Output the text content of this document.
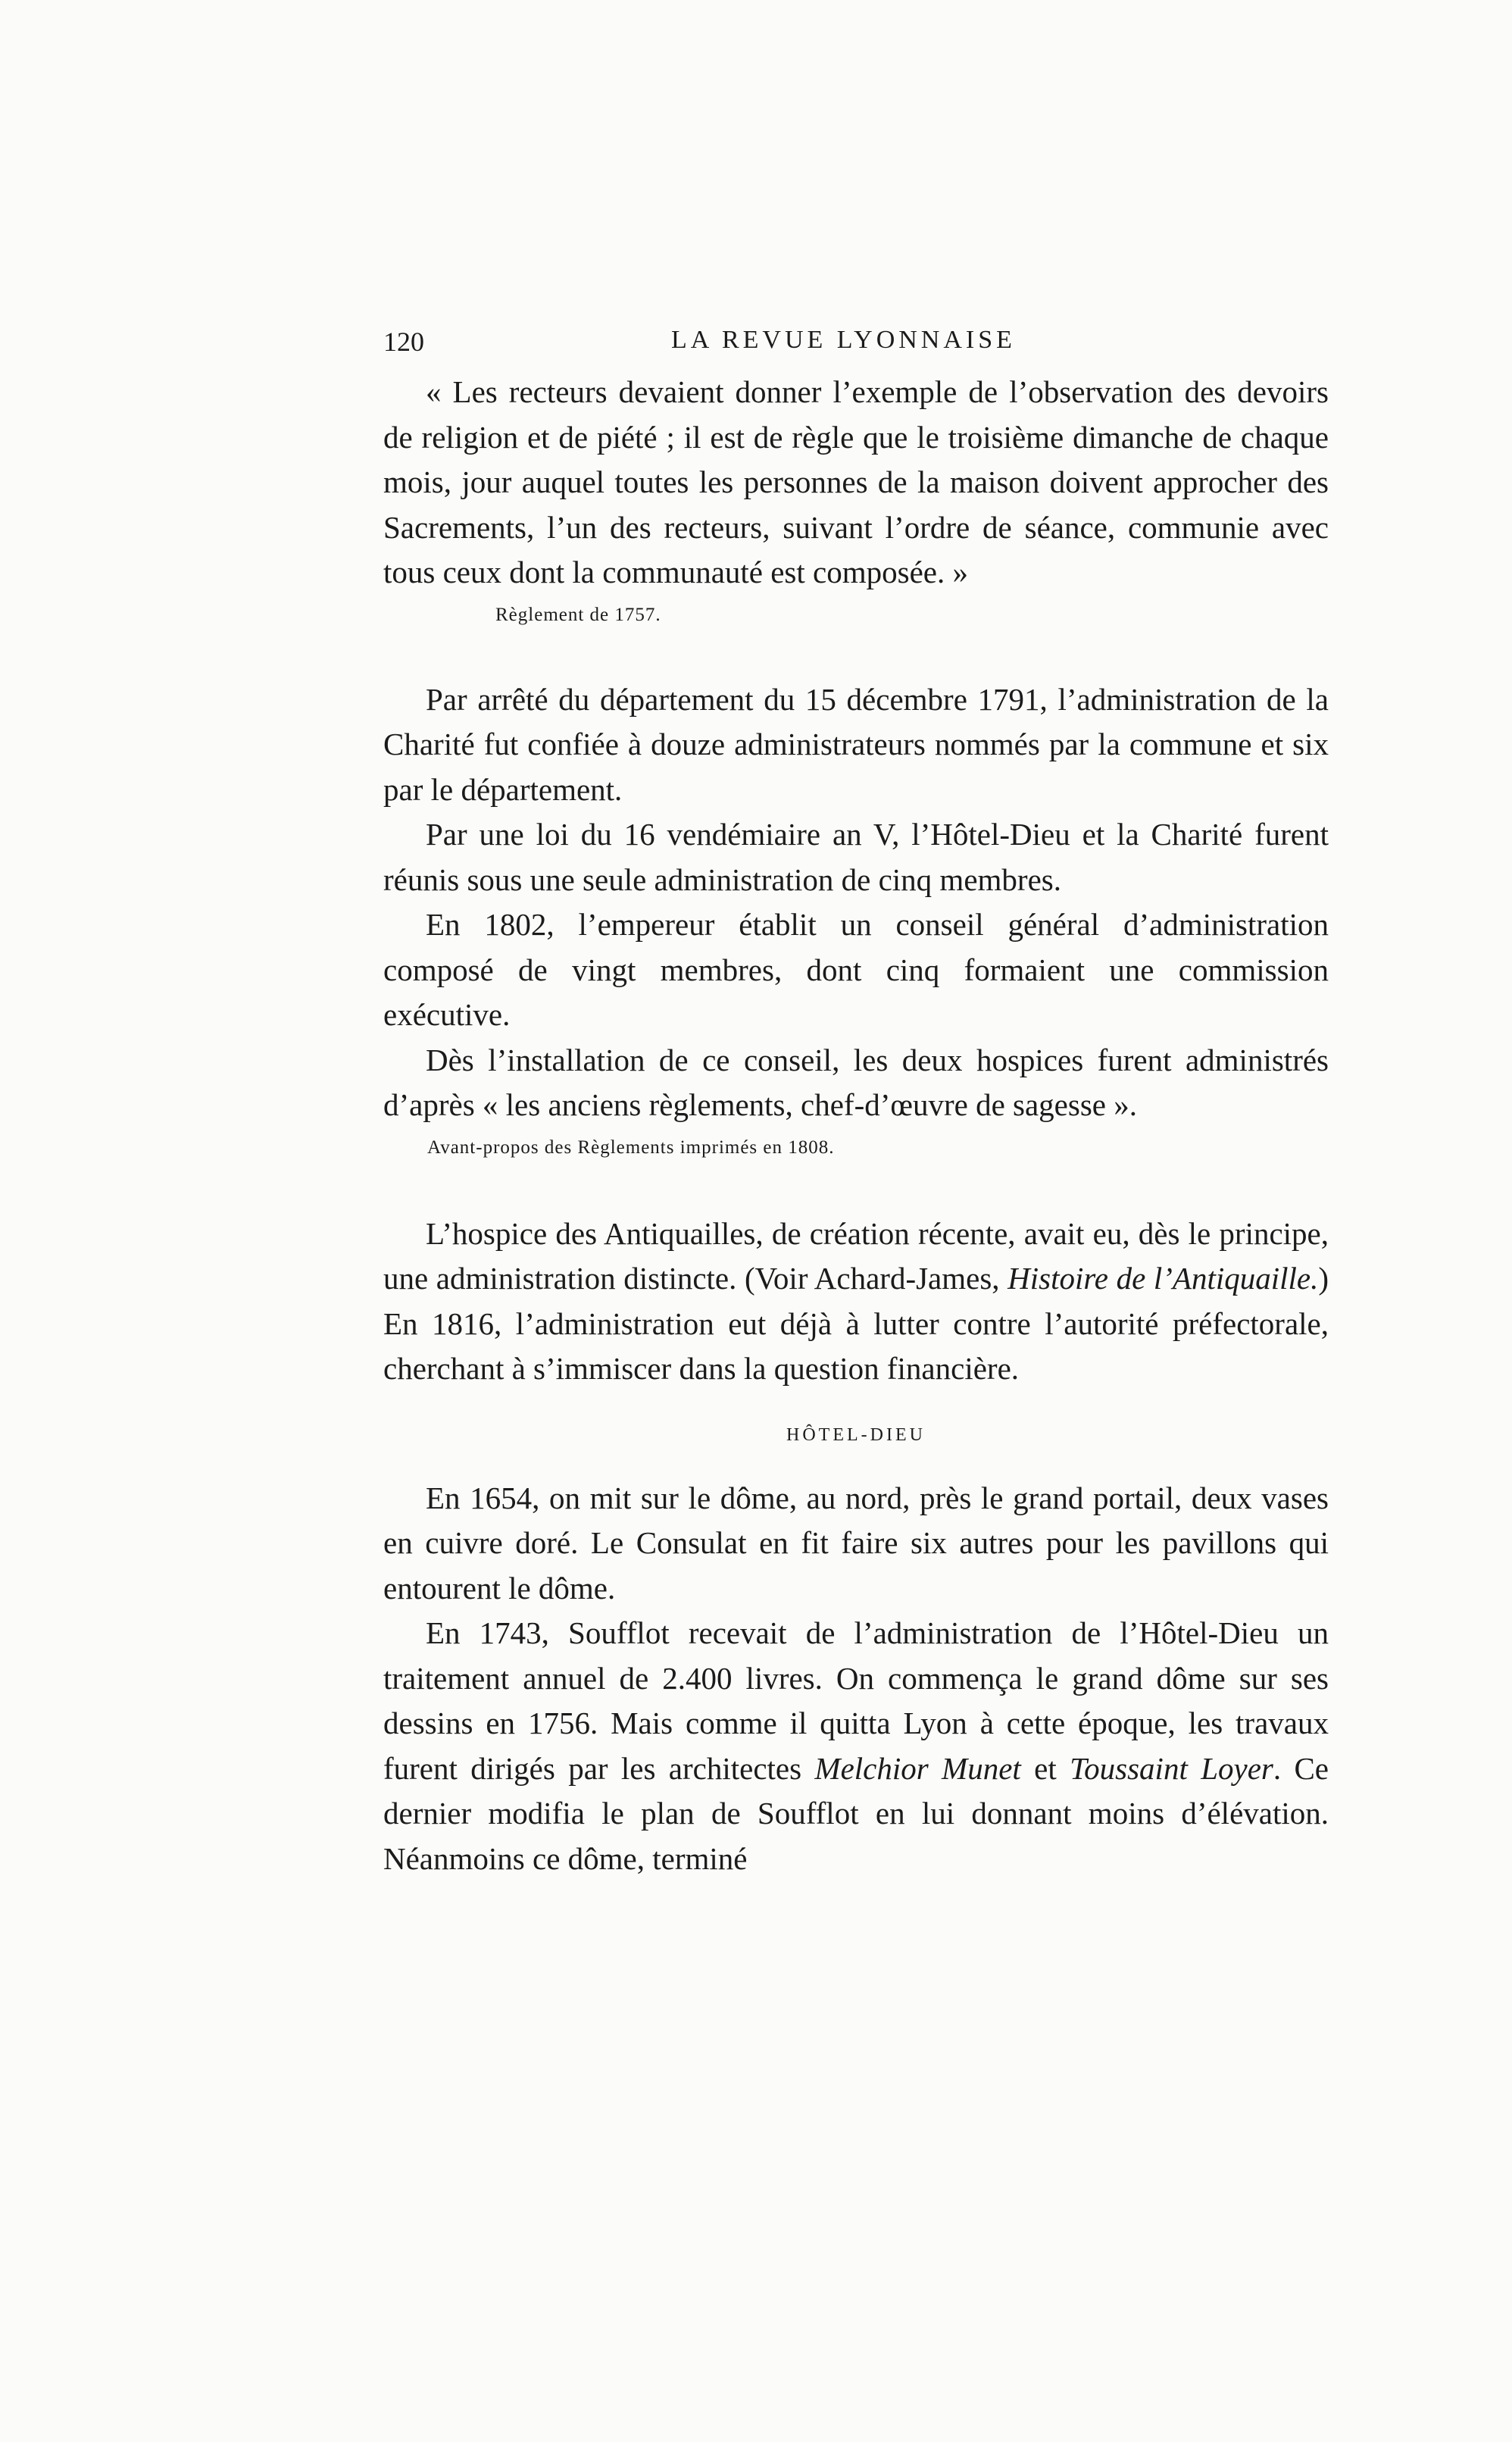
120	LA REVUE LYONNAISE

« Les recteurs devaient donner l’exemple de l’observation des devoirs de religion et de piété ; il est de règle que le troisième dimanche de chaque mois, jour auquel toutes les personnes de la maison doivent approcher des Sacrements, l’un des recteurs, suivant l’ordre de séance, communie avec tous ceux dont la communauté est composée. »

Règlement de 1757.

Par arrêté du département du 15 décembre 1791, l’administration de la Charité fut confiée à douze administrateurs nommés par la commune et six par le département.

Par une loi du 16 vendémiaire an V, l’Hôtel-Dieu et la Charité furent réunis sous une seule administration de cinq membres.

En 1802, l’empereur établit un conseil général d’administration composé de vingt membres, dont cinq formaient une commission exécutive.

Dès l’installation de ce conseil, les deux hospices furent administrés d’après « les anciens règlements, chef-d’œuvre de sagesse ».

Avant-propos des Règlements imprimés en 1808.

L’hospice des Antiquailles, de création récente, avait eu, dès le principe, une administration distincte. (Voir Achard-James, Histoire de l’Antiquaille.) En 1816, l’administration eut déjà à lutter contre l’autorité préfectorale, cherchant à s’immiscer dans la question financière.

HÔTEL-DIEU

En 1654, on mit sur le dôme, au nord, près le grand portail, deux vases en cuivre doré. Le Consulat en fit faire six autres pour les pavillons qui entourent le dôme.

En 1743, Soufflot recevait de l’administration de l’Hôtel-Dieu un traitement annuel de 2.400 livres. On commença le grand dôme sur ses dessins en 1756. Mais comme il quitta Lyon à cette époque, les travaux furent dirigés par les architectes Melchior Munet et Toussaint Loyer. Ce dernier modifia le plan de Soufflot en lui donnant moins d’élévation. Néanmoins ce dôme, terminé
